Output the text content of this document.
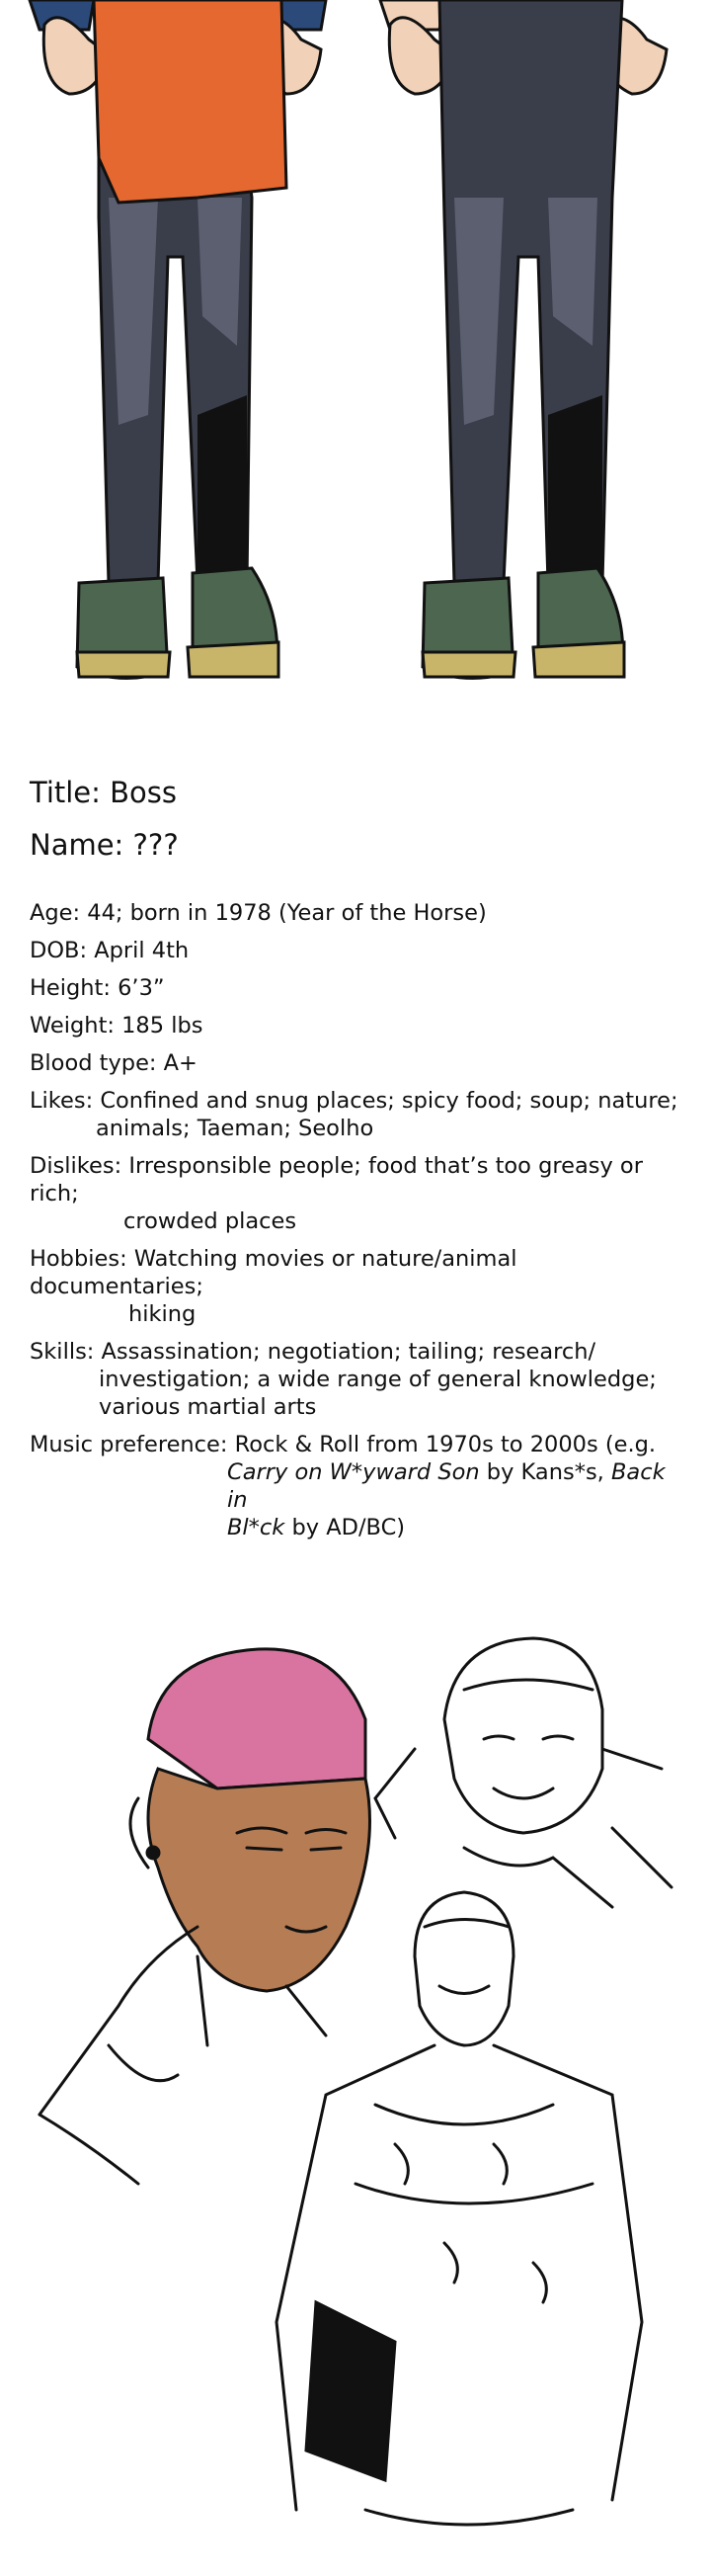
Title: Boss
Name: ???
Age: 44; born in 1978 (Year of the Horse)
DOB: April 4th
Height: 6’3”
Weight: 185 lbs
Blood type: A+
Likes: Confined and snug places; spicy food; soup; nature;
animals; Taeman; Seolho
Dislikes: Irresponsible people; food that’s too greasy or rich;
crowded places
Hobbies: Watching movies or nature/animal documentaries;
hiking
Skills: Assassination; negotiation; tailing; research/
investigation; a wide range of general knowledge;
various martial arts
Music preference: Rock & Roll from 1970s to 2000s (e.g.
Carry on W*yward Son by Kans*s, Back in
Bl*ck by AD/BC)
